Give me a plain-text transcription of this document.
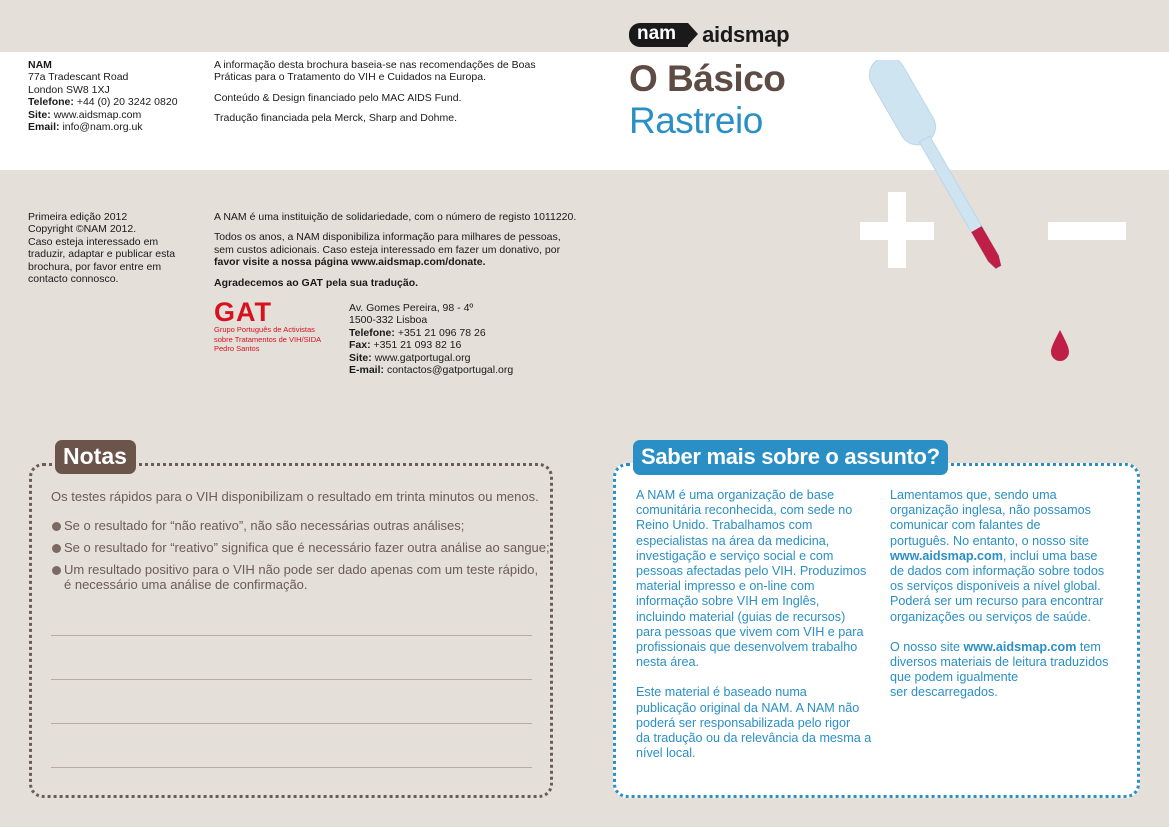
NAM
77a Tradescant Road
London SW8 1XJ
Telefone: +44 (0) 20 3242 0820
Site: www.aidsmap.com
Email: info@nam.org.uk
A informação desta brochura baseia-se nas recomendações de Boas
Práticas para o Tratamento do VIH e Cuidados na Europa.
Conteúdo & Design financiado pelo MAC AIDS Fund.
Tradução financiada pela Merck, Sharp and Dohme.
nam	aidsmap
O Básico
Rastreio
Primeira edição 2012
Copyright ©NAM 2012.
Caso esteja interessado em
traduzir, adaptar e publicar esta
brochura, por favor entre em
contacto connosco.
A NAM é uma instituição de solidariedade, com o número de registo 1011220.
Todos os anos, a NAM disponibiliza informação para milhares de pessoas,
sem custos adicionais. Caso esteja interessado em fazer um donativo, por
favor visite a nossa página www.aidsmap.com/donate.
Agradecemos ao GAT pela sua tradução.
GAT
Grupo Português de Activistas
sobre Tratamentos de VIH/SIDA
Pedro Santos
Av. Gomes Pereira, 98 - 4º
1500-332 Lisboa
Telefone: +351 21 096 78 26
Fax: +351 21 093 82 16
Site: www.gatportugal.org
E-mail: contactos@gatportugal.org
Notas
Os testes rápidos para o VIH disponibilizam o resultado em trinta minutos ou menos.
Se o resultado for “não reativo”, não são necessárias outras análises;
Se o resultado for “reativo” significa que é necessário fazer outra análise ao sangue;
Um resultado positivo para o VIH não pode ser dado apenas com um teste rápido,
é necessário uma análise de confirmação.
Saber mais sobre o assunto?
A NAM é uma organização de base
comunitária reconhecida, com sede no
Reino Unido. Trabalhamos com
especialistas na área da medicina,
investigação e serviço social e com
pessoas afectadas pelo VIH. Produzimos
material impresso e on-line com
informação sobre VIH em Inglês,
incluindo material (guias de recursos)
para pessoas que vivem com VIH e para
profissionais que desenvolvem trabalho
nesta área.
Este material é baseado numa
publicação original da NAM. A NAM não
poderá ser responsabilizada pelo rigor
da tradução ou da relevância da mesma a
nível local.
Lamentamos que, sendo uma
organização inglesa, não possamos
comunicar com falantes de
português. No entanto, o nosso site
www.aidsmap.com, inclui uma base
de dados com informação sobre todos
os serviços disponíveis a nível global.
Poderá ser um recurso para encontrar
organizações ou serviços de saúde.
O nosso site www.aidsmap.com tem
diversos materiais de leitura traduzidos
que podem igualmente
ser descarregados.
